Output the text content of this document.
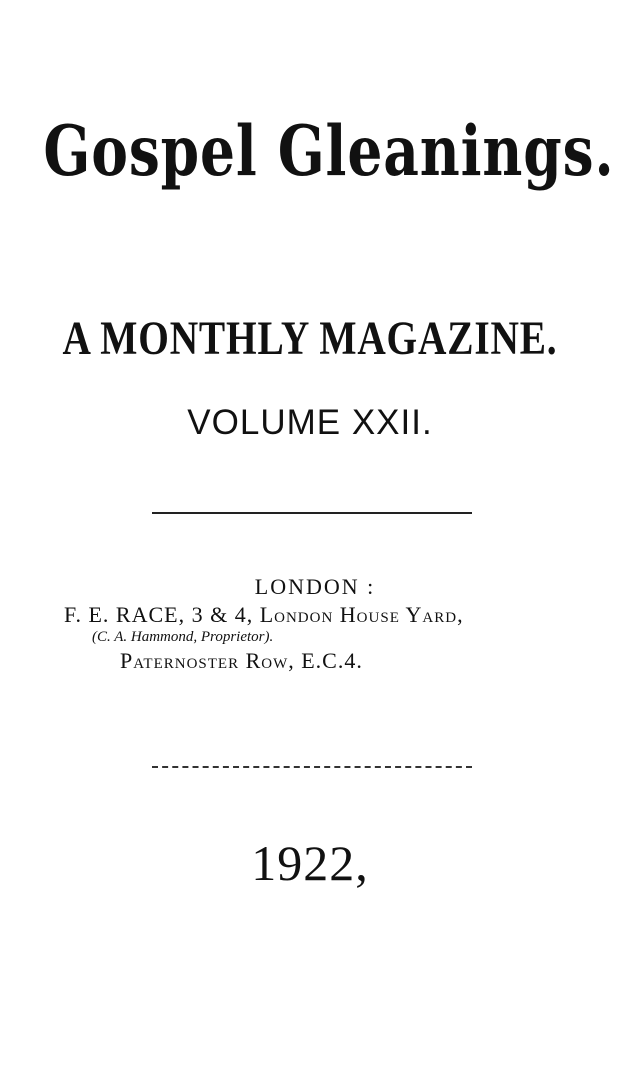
Gospel Gleanings.
A MONTHLY MAGAZINE.
VOLUME XXII.
LONDON :
F. E. RACE, 3 & 4, London House Yard,
(C. A. Hammond, Proprietor).
Paternoster Row, E.C.4.
1922,
